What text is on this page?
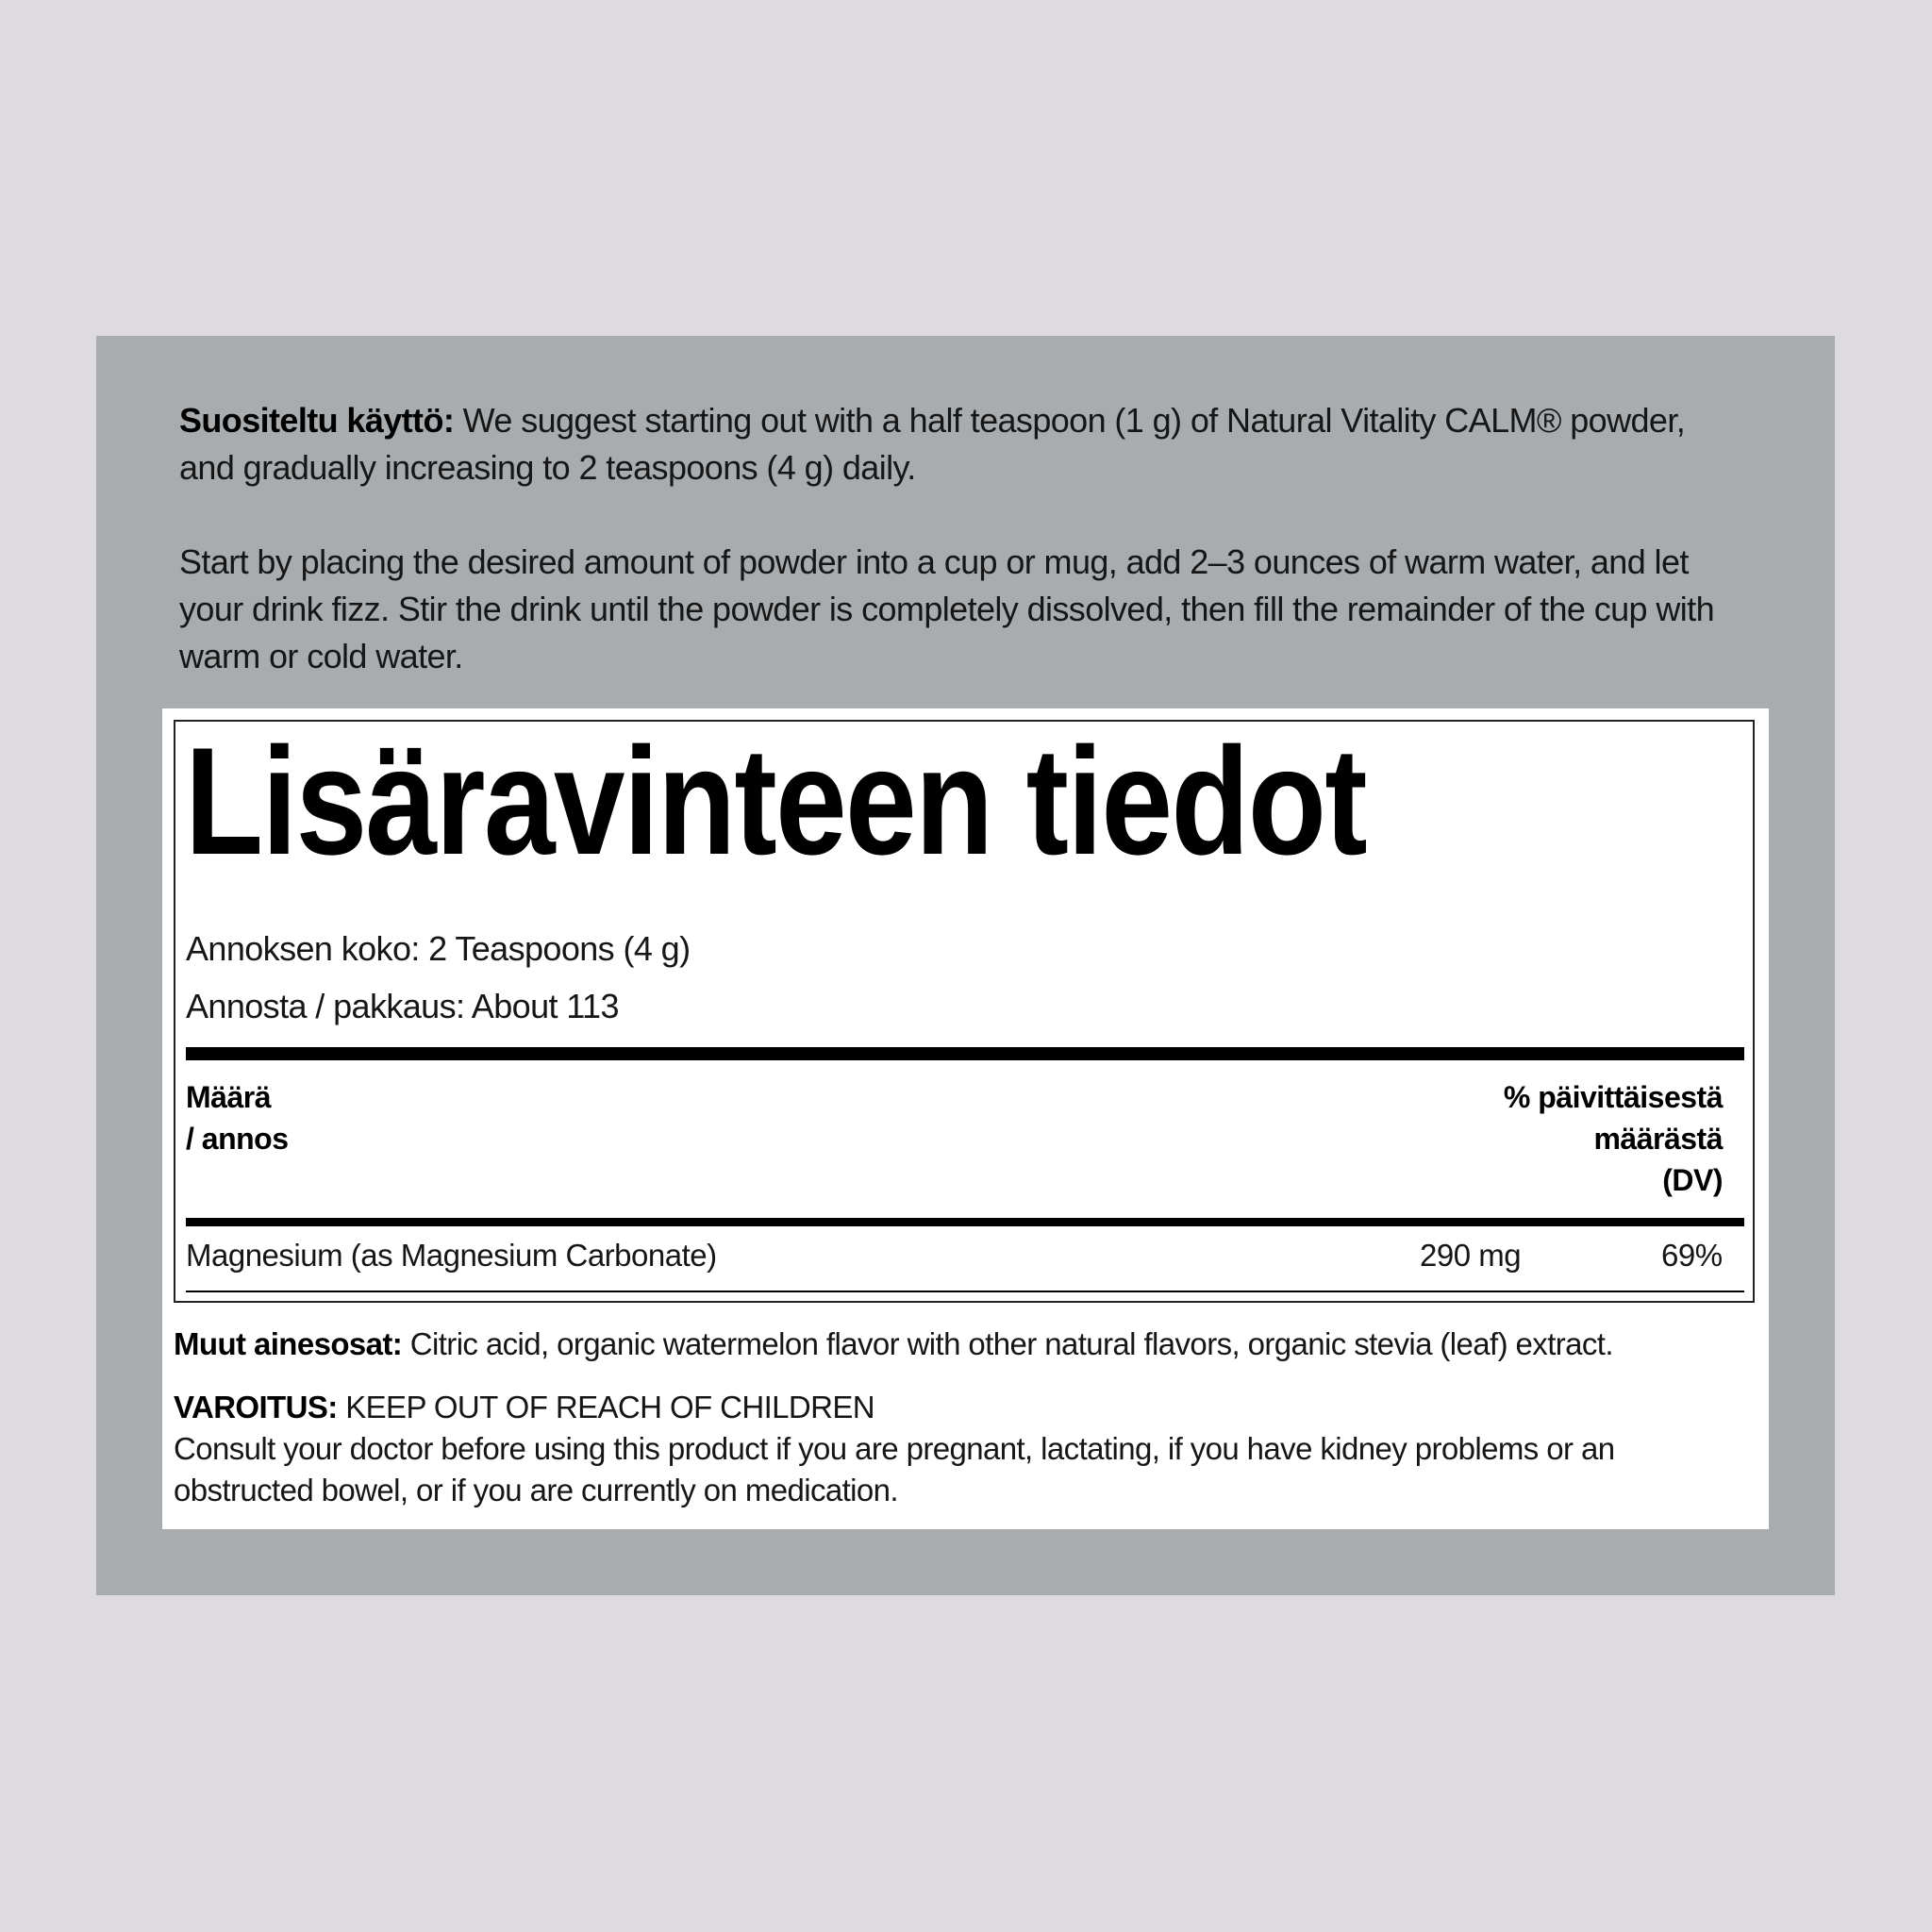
Suositeltu käyttö: We suggest starting out with a half teaspoon (1 g) of Natural Vitality CALM® powder, and gradually increasing to 2 teaspoons (4 g) daily.

Start by placing the desired amount of powder into a cup or mug, add 2–3 ounces of warm water, and let your drink fizz. Stir the drink until the powder is completely dissolved, then fill the remainder of the cup with warm or cold water.

Lisäravinteen tiedot
Annoksen koko: 2 Teaspoons (4 g)
Annosta / pakkaus: About 113
Määrä
/ annos
% päivittäisestä
määrästä
(DV)
Magnesium (as Magnesium Carbonate)	290 mg	69%
Muut ainesosat: Citric acid, organic watermelon flavor with other natural flavors, organic stevia (leaf) extract.
VAROITUS: KEEP OUT OF REACH OF CHILDREN
Consult your doctor before using this product if you are pregnant, lactating, if you have kidney problems or an obstructed bowel, or if you are currently on medication.
